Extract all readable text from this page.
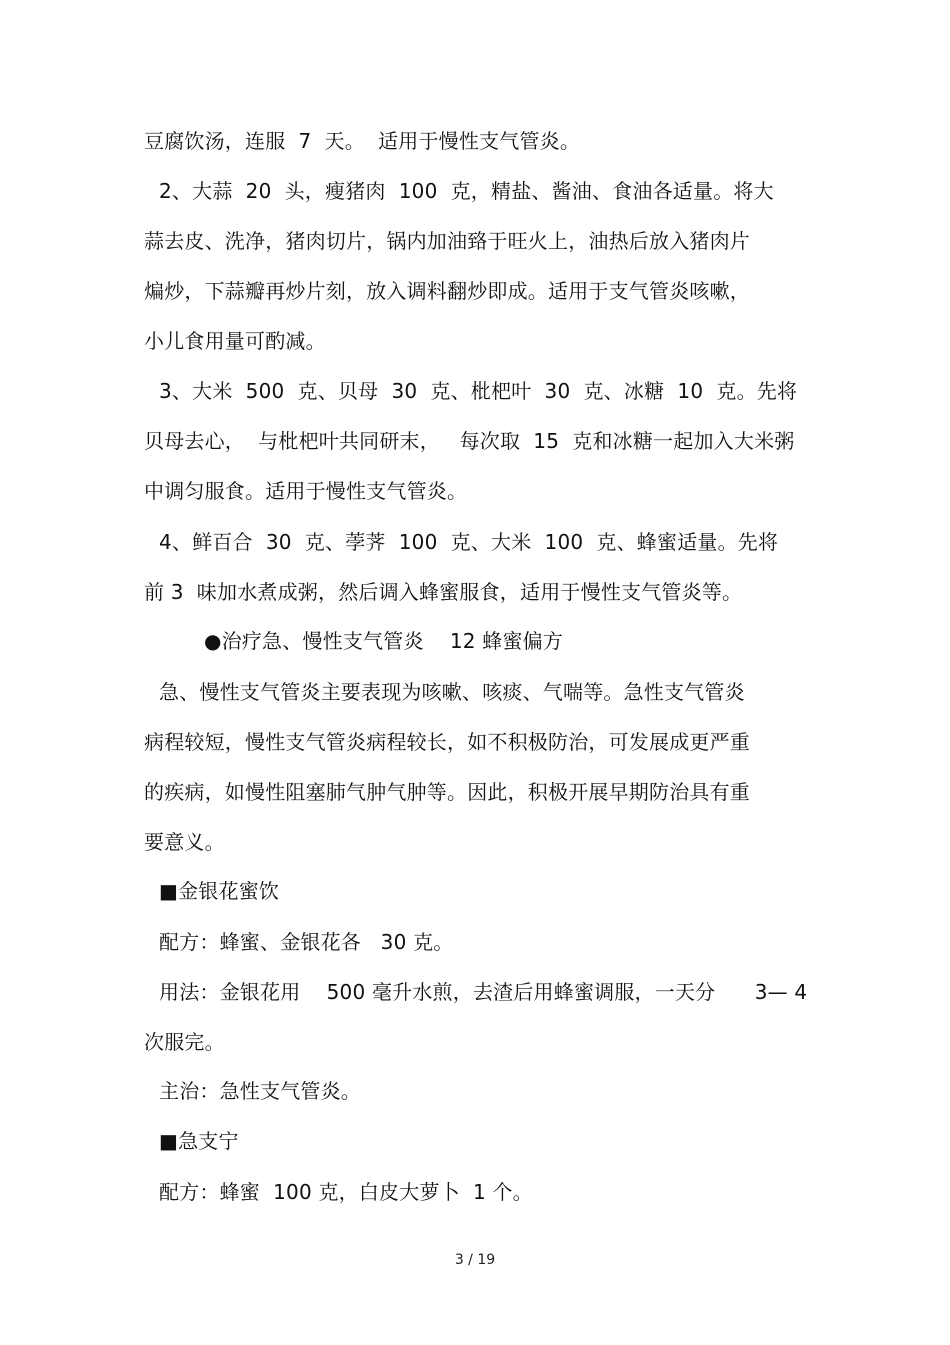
豆腐饮汤，连服  7  天。  适用于慢性支气管炎。
2、大蒜  20  头，瘦猪肉  100  克，精盐、酱油、食油各适量。将大
蒜去皮、洗净，猪肉切片，锅内加油臵于旺火上，油热后放入猪肉片
煸炒，下蒜瓣再炒片刻，放入调料翻炒即成。适用于支气管炎咳嗽，
小儿食用量可酌减。
3、大米  500  克、贝母  30  克、枇杷叶  30  克、冰糖  10  克。先将
贝母去心，  与枇杷叶共同研末，   每次取  15  克和冰糖一起加入大米粥
中调匀服食。适用于慢性支气管炎。
4、鲜百合  30  克、荸荠  100  克、大米  100  克、蜂蜜适量。先将
前 3  味加水煮成粥，然后调入蜂蜜服食，适用于慢性支气管炎等。
●治疗急、慢性支气管炎    12 蜂蜜偏方
急、慢性支气管炎主要表现为咳嗽、咳痰、气喘等。急性支气管炎
病程较短，慢性支气管炎病程较长，如不积极防治，可发展成更严重
的疾病，如慢性阻塞肺气肿气肿等。因此，积极开展早期防治具有重
要意义。
■金银花蜜饮
配方：蜂蜜、金银花各   30 克。
用法：金银花用    500 毫升水煎，去渣后用蜂蜜调服，一天分      3— 4
次服完。
主治：急性支气管炎。
■急支宁
配方：蜂蜜  100 克，白皮大萝卜  1 个。
3 / 19
